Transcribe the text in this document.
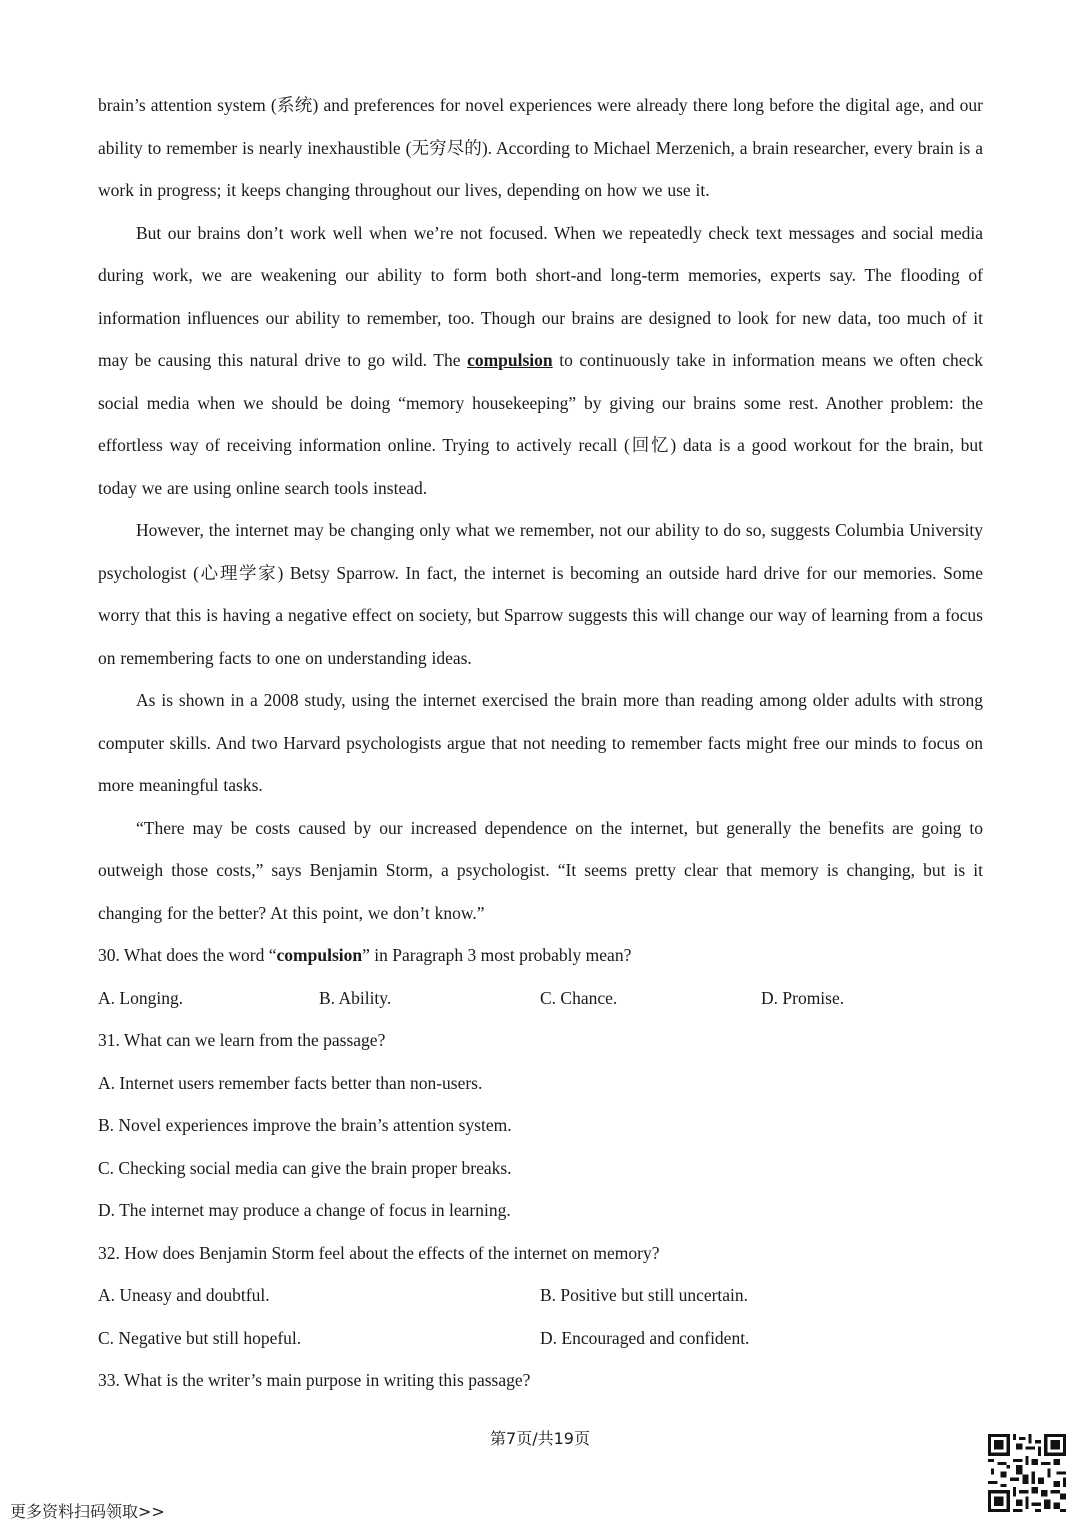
brain’s attention system (系统) and preferences for novel experiences were already there long before the digital age, and our ability to remember is nearly inexhaustible (无穷尽的). According to Michael Merzenich, a brain researcher, every brain is a work in progress; it keeps changing throughout our lives, depending on how we use it.

But our brains don’t work well when we’re not focused. When we repeatedly check text messages and social media during work, we are weakening our ability to form both short-and long-term memories, experts say. The flooding of information influences our ability to remember, too. Though our brains are designed to look for new data, too much of it may be causing this natural drive to go wild. The compulsion to continuously take in information means we often check social media when we should be doing “memory housekeeping” by giving our brains some rest. Another problem: the effortless way of receiving information online. Trying to actively recall (回忆) data is a good workout for the brain, but today we are using online search tools instead.

However, the internet may be changing only what we remember, not our ability to do so, suggests Columbia University psychologist (心理学家) Betsy Sparrow. In fact, the internet is becoming an outside hard drive for our memories. Some worry that this is having a negative effect on society, but Sparrow suggests this will change our way of learning from a focus on remembering facts to one on understanding ideas.

As is shown in a 2008 study, using the internet exercised the brain more than reading among older adults with strong computer skills. And two Harvard psychologists argue that not needing to remember facts might free our minds to focus on more meaningful tasks.

“There may be costs caused by our increased dependence on the internet, but generally the benefits are going to outweigh those costs,” says Benjamin Storm, a psychologist. “It seems pretty clear that memory is changing, but is it changing for the better? At this point, we don’t know.”

30. What does the word “compulsion” in Paragraph 3 most probably mean?

A. Longing.	B. Ability.	C. Chance.	D. Promise.

31. What can we learn from the passage?

A. Internet users remember facts better than non-users.
B. Novel experiences improve the brain’s attention system.
C. Checking social media can give the brain proper breaks.
D. The internet may produce a change of focus in learning.

32. How does Benjamin Storm feel about the effects of the internet on memory?

A. Uneasy and doubtful.	B. Positive but still uncertain.
C. Negative but still hopeful.	D. Encouraged and confident.

33. What is the writer’s main purpose in writing this passage?

第7页/共19页
更多资料扫码领取>>
